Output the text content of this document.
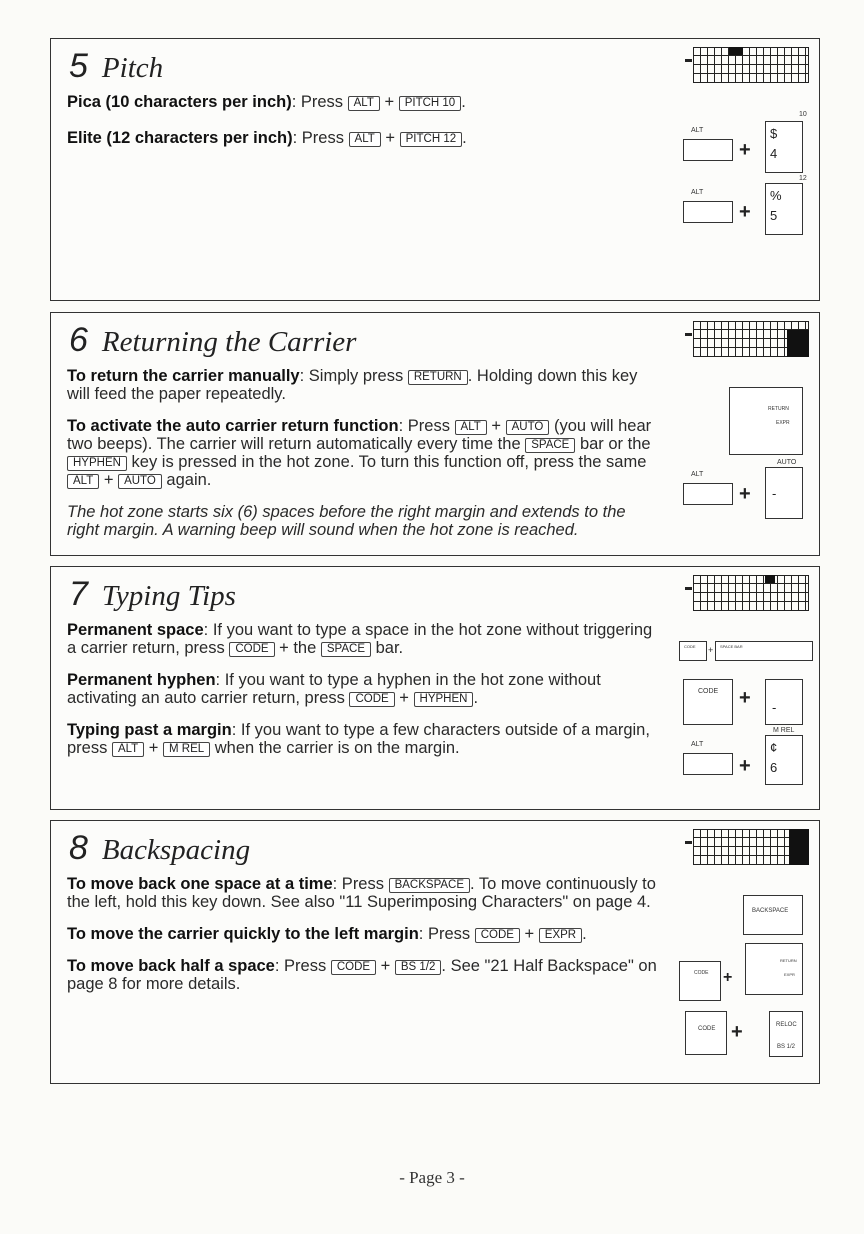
5 Pitch

Pica (10 characters per inch): Press ALT + PITCH 10 .

Elite (12 characters per inch): Press ALT + PITCH 12 .

10
ALT
+
$
4
12
ALT
+
%
5
6 Returning the Carrier

To return the carrier manually: Simply press RETURN . Holding down this key will feed the paper repeatedly.

To activate the auto carrier return function: Press ALT + AUTO (you will hear two beeps). The carrier will return automatically every time the SPACE bar or the HYPHEN key is pressed in the hot zone. To turn this function off, press the same ALT + AUTO again.

The hot zone starts six (6) spaces before the right margin and extends to the right margin. A warning beep will sound when the hot zone is reached.

RETURN
EXPR
AUTO
ALT
+ -
7 Typing Tips

Permanent space: If you want to type a space in the hot zone without triggering a carrier return, press CODE + the SPACE bar.

Permanent hyphen: If you want to type a hyphen in the hot zone without activating an auto carrier return, press CODE + HYPHEN .

Typing past a margin: If you want to type a few characters outside of a margin, press ALT + M REL when the carrier is on the margin.

CODE + SPACE BAR
CODE + -
M REL
ALT
+
¢
6
8 Backspacing

To move back one space at a time: Press BACKSPACE . To move continuously to the left, hold this key down. See also "11 Superimposing Characters" on page 4.

To move the carrier quickly to the left margin: Press CODE + EXPR .

To move back half a space: Press CODE + BS 1/2 . See "21 Half Backspace" on page 8 for more details.

BACKSPACE
CODE +
RETURN
EXPR
CODE +	RELOC
BS 1/2
- Page 3 -
